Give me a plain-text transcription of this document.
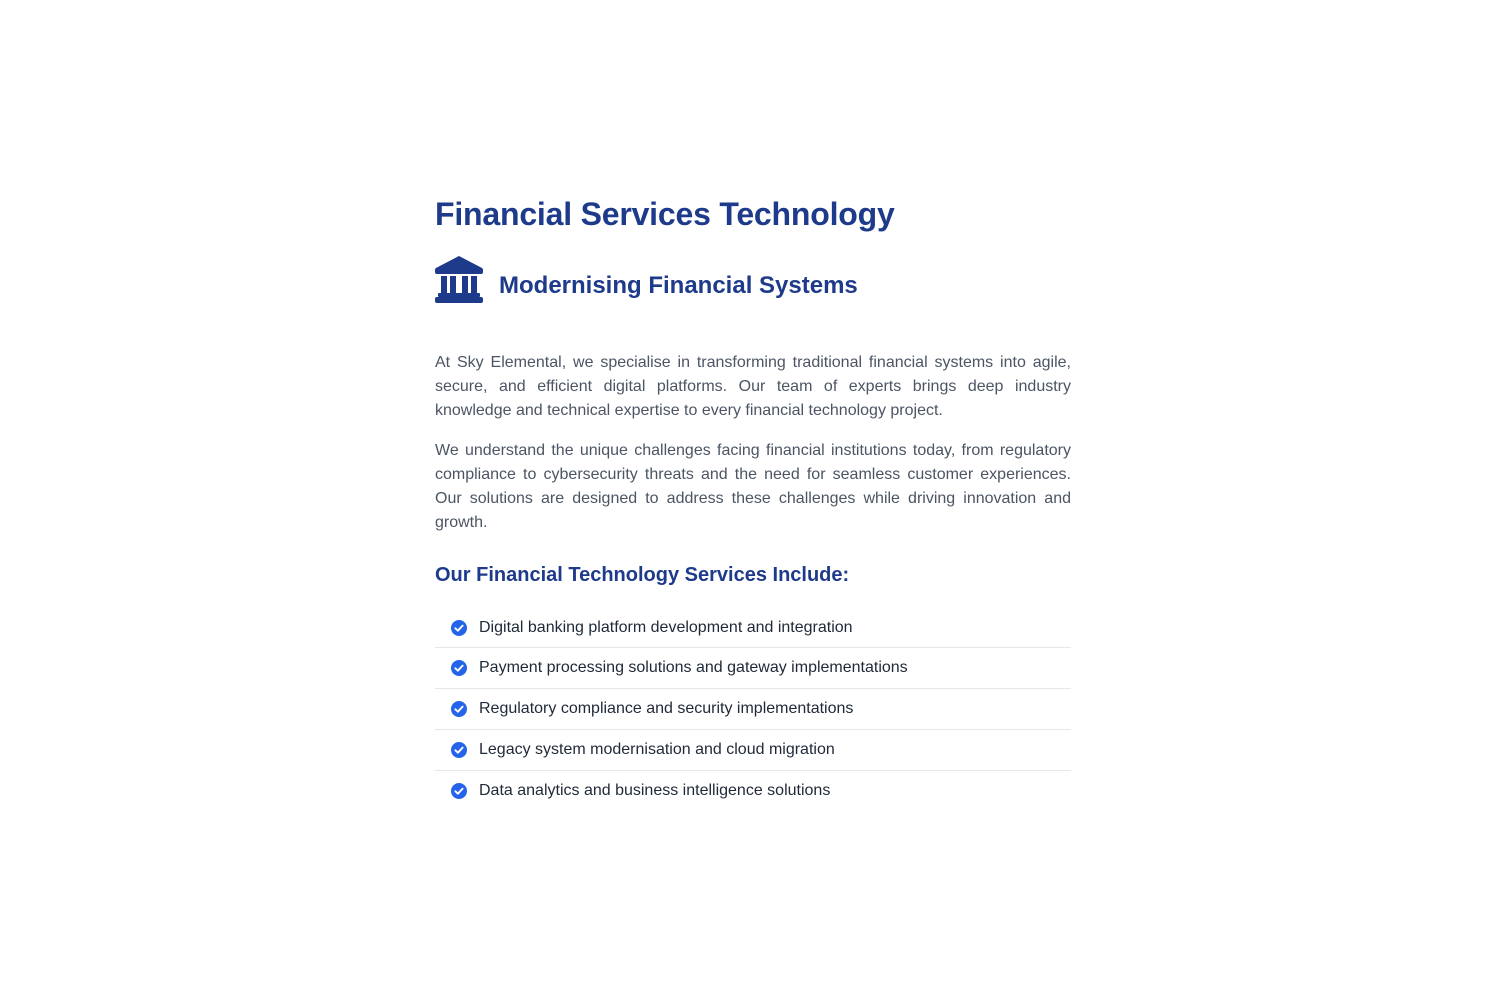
Financial Services Technology
Modernising Financial Systems

At Sky Elemental, we specialise in transforming traditional financial systems into agile, secure, and efficient digital platforms. Our team of experts brings deep industry knowledge and technical expertise to every financial technology project.

We understand the unique challenges facing financial institutions today, from regulatory compliance to cybersecurity threats and the need for seamless customer experiences. Our solutions are designed to address these challenges while driving innovation and growth.

Our Financial Technology Services Include:
Digital banking platform development and integration
Payment processing solutions and gateway implementations
Regulatory compliance and security implementations
Legacy system modernisation and cloud migration
Data analytics and business intelligence solutions
